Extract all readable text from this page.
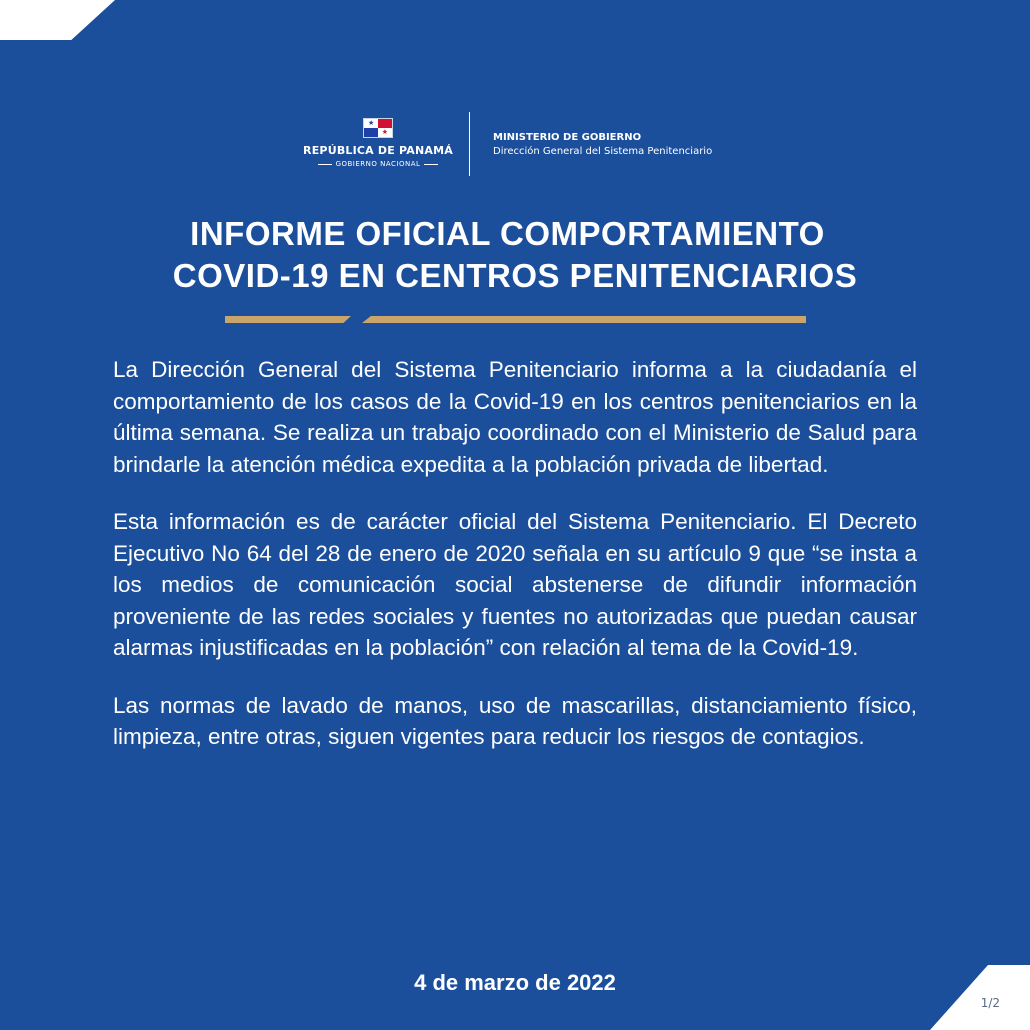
★
★
REPÚBLICA DE PANAMÁ
GOBIERNO NACIONAL
MINISTERIO DE GOBIERNO
Dirección General del Sistema Penitenciario
INFORME OFICIAL COMPORTAMIENTO
COVID-19 EN CENTROS PENITENCIARIOS

La Dirección General del Sistema Penitenciario informa a la ciudadanía el comportamiento de los casos de la Covid-19 en los centros penitenciarios en la última semana. Se realiza un trabajo coordinado con el Ministerio de Salud para brindarle la atención médica expedita a la población privada de libertad.

Esta información es de carácter oficial del Sistema Penitenciario. El Decreto Ejecutivo No 64 del 28 de enero de 2020 señala en su artículo 9 que “se insta a los medios de comunicación social abstenerse de difundir información proveniente de las redes sociales y fuentes no autorizadas que puedan causar alarmas injustificadas en la población” con relación al tema de la Covid-19.

Las normas de lavado de manos, uso de mascarillas, distanciamiento físico, limpieza, entre otras, siguen vigentes para reducir los riesgos de contagios.

4 de marzo de 2022
1/2
